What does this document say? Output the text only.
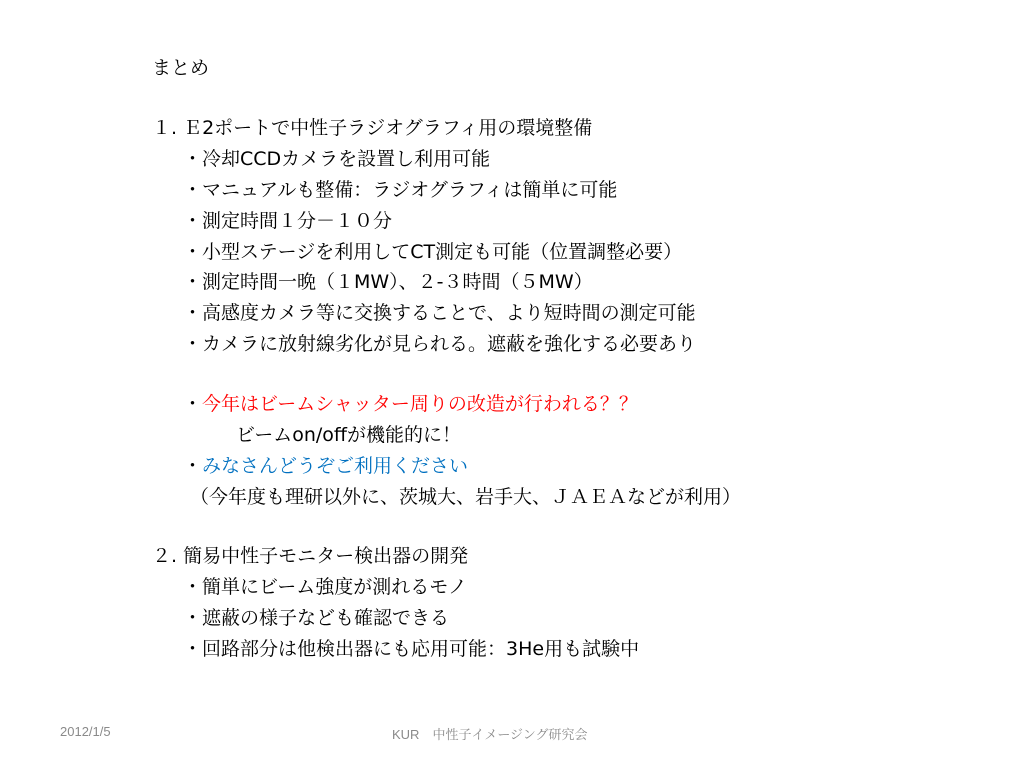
まとめ
１. Ｅ2ポートで中性子ラジオグラフィ用の環境整備
・冷却CCDカメラを設置し利用可能
・マニュアルも整備：ラジオグラフィは簡単に可能
・測定時間１分－１０分
・小型ステージを利用してCT測定も可能（位置調整必要）
・測定時間一晩（１MW）、２-３時間（５MW）
・高感度カメラ等に交換することで、より短時間の測定可能
・カメラに放射線劣化が見られる。遮蔽を強化する必要あり
・今年はビームシャッター周りの改造が行われる？？
ビームon/offが機能的に！
・みなさんどうぞご利用ください
（今年度も理研以外に、茨城大、岩手大、ＪＡＥＡなどが利用）
２. 簡易中性子モニター検出器の開発
・簡単にビーム強度が測れるモノ
・遮蔽の様子なども確認できる
・回路部分は他検出器にも応用可能：3He用も試験中
2012/1/5	KUR　中性子イメージング研究会
